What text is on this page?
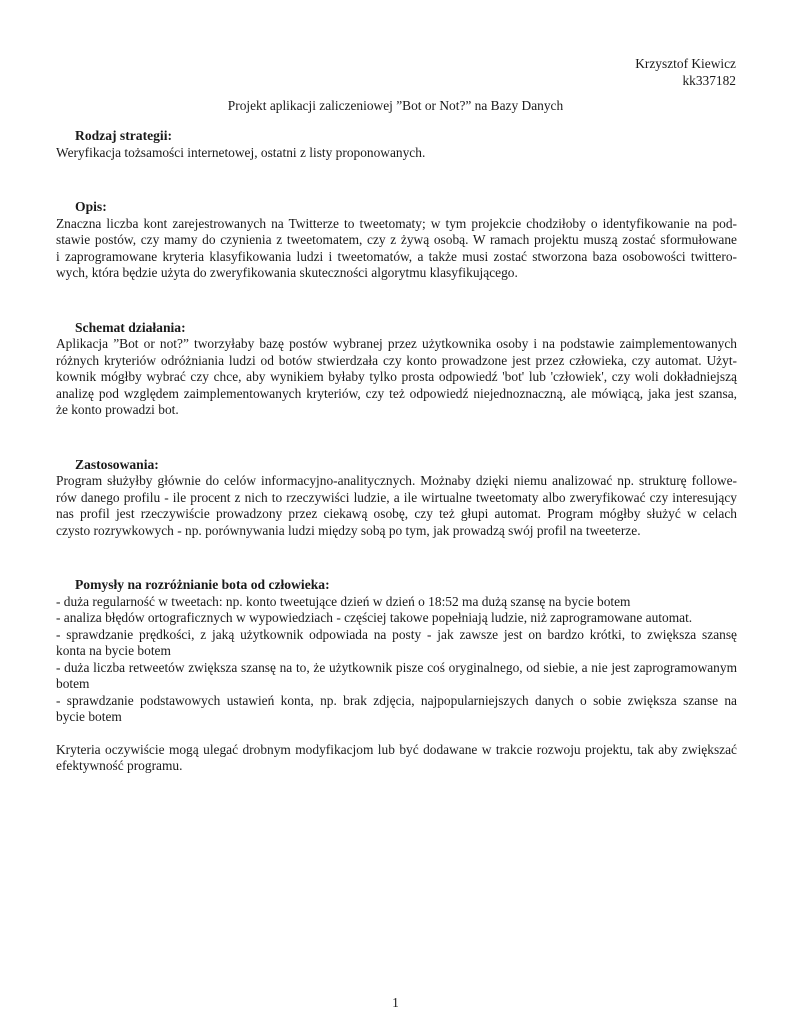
Krzysztof Kiewicz
kk337182
Projekt aplikacji zaliczeniowej ”Bot or Not?” na Bazy Danych
Rodzaj strategii:
Weryfikacja tożsamości internetowej, ostatni z listy proponowanych.
Opis:
Znaczna liczba kont zarejestrowanych na Twitterze to tweetomaty; w tym projekcie chodziłoby o identyfikowanie na pod-
stawie postów, czy mamy do czynienia z tweetomatem, czy z żywą osobą. W ramach projektu muszą zostać sformułowane
i zaprogramowane kryteria klasyfikowania ludzi i tweetomatów, a także musi zostać stworzona baza osobowości twittero-
wych, która będzie użyta do zweryfikowania skuteczności algorytmu klasyfikującego.
Schemat działania:
Aplikacja ”Bot or not?” tworzyłaby bazę postów wybranej przez użytkownika osoby i na podstawie zaimplementowanych
różnych kryteriów odróżniania ludzi od botów stwierdzała czy konto prowadzone jest przez człowieka, czy automat. Użyt-
kownik mógłby wybrać czy chce, aby wynikiem byłaby tylko prosta odpowiedź 'bot' lub 'człowiek', czy woli dokładniejszą
analizę pod względem zaimplementowanych kryteriów, czy też odpowiedź niejednoznaczną, ale mówiącą, jaka jest szansa,
że konto prowadzi bot.
Zastosowania:
Program służyłby głównie do celów informacyjno-analitycznych. Możnaby dzięki niemu analizować np. strukturę followe-
rów danego profilu - ile procent z nich to rzeczywiści ludzie, a ile wirtualne tweetomaty albo zweryfikować czy interesujący
nas profil jest rzeczywiście prowadzony przez ciekawą osobę, czy też głupi automat. Program mógłby służyć w celach
czysto rozrywkowych - np. porównywania ludzi między sobą po tym, jak prowadzą swój profil na tweeterze.
Pomysły na rozróżnianie bota od człowieka:
- duża regularność w tweetach: np. konto tweetujące dzień w dzień o 18:52 ma dużą szansę na bycie botem
- analiza błędów ortograficznych w wypowiedziach - częściej takowe popełniają ludzie, niż zaprogramowane automat.
- sprawdzanie prędkości, z jaką użytkownik odpowiada na posty - jak zawsze jest on bardzo krótki, to zwiększa szansę
konta na bycie botem
- duża liczba retweetów zwiększa szansę na to, że użytkownik pisze coś oryginalnego, od siebie, a nie jest zaprogramowanym
botem
- sprawdzanie podstawowych ustawień konta, np. brak zdjęcia, najpopularniejszych danych o sobie zwiększa szanse na
bycie botem
Kryteria oczywiście mogą ulegać drobnym modyfikacjom lub być dodawane w trakcie rozwoju projektu, tak aby zwiększać
efektywność programu.
1
